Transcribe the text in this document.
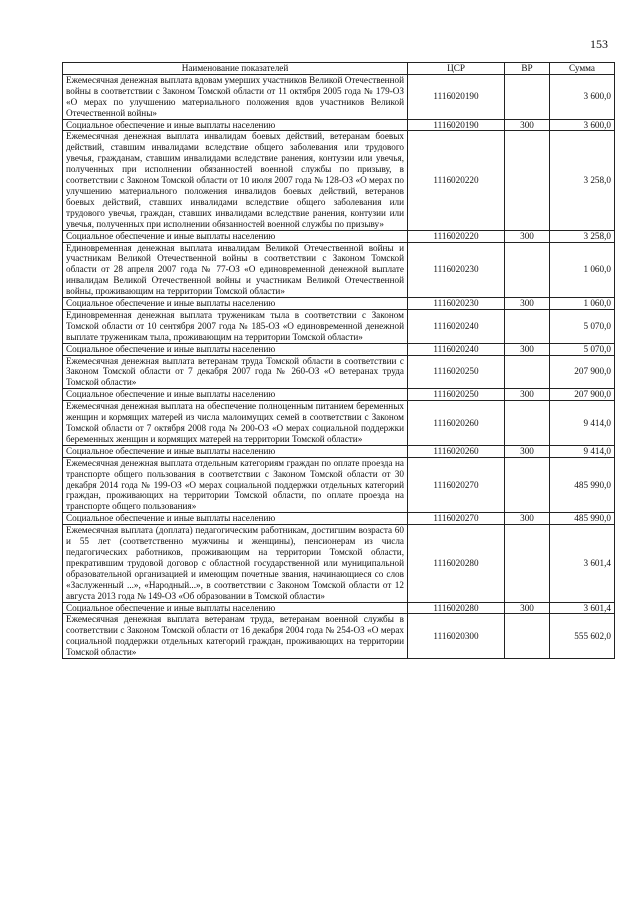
153
Наименование показателей	ЦСР	ВР	Сумма
Ежемесячная денежная выплата вдовам умерших участников Великой Отечественной войны в соответствии с Законом Томской области от 11 октября 2005 года № 179-ОЗ «О мерах по улучшению материального положения вдов участников Великой Отечественной войны»	1116020190		3 600,0
Социальное обеспечение и иные выплаты населению	1116020190	300	3 600,0
Ежемесячная денежная выплата инвалидам боевых действий, ветеранам боевых действий, ставшим инвалидами вследствие общего заболевания или трудового увечья, гражданам, ставшим инвалидами вследствие ранения, контузии или увечья, полученных при исполнении обязанностей военной службы по призыву, в соответствии с Законом Томской области от 10 июля 2007 года № 128-ОЗ «О мерах по улучшению материального положения инвалидов боевых действий, ветеранов боевых действий, ставших инвалидами вследствие общего заболевания или трудового увечья, граждан, ставших инвалидами вследствие ранения, контузии или увечья, полученных при исполнении обязанностей военной службы по призыву»	1116020220		3 258,0
Социальное обеспечение и иные выплаты населению	1116020220	300	3 258,0
Единовременная денежная выплата инвалидам Великой Отечественной войны и участникам Великой Отечественной войны в соответствии с Законом Томской области от 28 апреля 2007 года № 77-ОЗ «О единовременной денежной выплате инвалидам Великой Отечественной войны и участникам Великой Отечественной войны, проживающим на территории Томской области»	1116020230		1 060,0
Социальное обеспечение и иные выплаты населению	1116020230	300	1 060,0
Единовременная денежная выплата труженикам тыла в соответствии с Законом Томской области от 10 сентября 2007 года № 185-ОЗ «О единовременной денежной выплате труженикам тыла, проживающим на территории Томской области»	1116020240		5 070,0
Социальное обеспечение и иные выплаты населению	1116020240	300	5 070,0
Ежемесячная денежная выплата ветеранам труда Томской области в соответствии с Законом Томской области от 7 декабря 2007 года № 260-ОЗ «О ветеранах труда Томской области»	1116020250		207 900,0
Социальное обеспечение и иные выплаты населению	1116020250	300	207 900,0
Ежемесячная денежная выплата на обеспечение полноценным питанием беременных женщин и кормящих матерей из числа малоимущих семей в соответствии с Законом Томской области от 7 октября 2008 года № 200-ОЗ «О мерах социальной поддержки беременных женщин и кормящих матерей на территории Томской области»	1116020260		9 414,0
Социальное обеспечение и иные выплаты населению	1116020260	300	9 414,0
Ежемесячная денежная выплата отдельным категориям граждан по оплате проезда на транспорте общего пользования в соответствии с Законом Томской области от 30 декабря 2014 года № 199-ОЗ «О мерах социальной поддержки отдельных категорий граждан, проживающих на территории Томской области, по оплате проезда на транспорте общего пользования»	1116020270		485 990,0
Социальное обеспечение и иные выплаты населению	1116020270	300	485 990,0
Ежемесячная выплата (доплата) педагогическим работникам, достигшим возраста 60 и 55 лет (соответственно мужчины и женщины), пенсионерам из числа педагогических работников, проживающим на территории Томской области, прекратившим трудовой договор с областной государственной или муниципальной образовательной организацией и имеющим почетные звания, начинающиеся со слов «Заслуженный ...», «Народный...», в соответствии с Законом Томской области от 12 августа 2013 года № 149-ОЗ «Об образовании в Томской области»	1116020280		3 601,4
Социальное обеспечение и иные выплаты населению	1116020280	300	3 601,4
Ежемесячная денежная выплата ветеранам труда, ветеранам военной службы в соответствии с Законом Томской области от 16 декабря 2004 года № 254-ОЗ «О мерах социальной поддержки отдельных категорий граждан, проживающих на территории Томской области»	1116020300		555 602,0
